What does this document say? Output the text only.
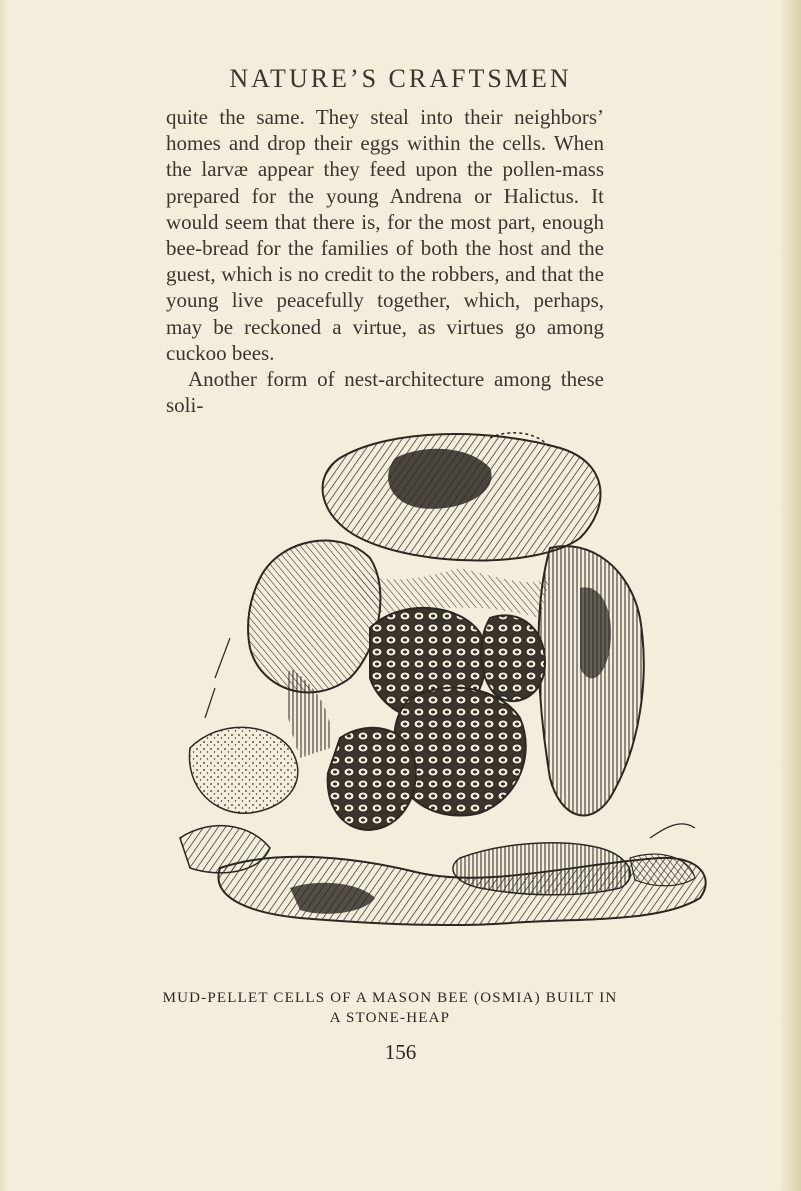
NATURE’S CRAFTSMEN

quite the same. They steal into their neighbors’ homes and drop their eggs within the cells. When the larvæ appear they feed upon the pollen-mass prepared for the young Andrena or Halictus. It would seem that there is, for the most part, enough bee-bread for the families of both the host and the guest, which is no credit to the robbers, and that the young live peacefully together, which, perhaps, may be reckoned a virtue, as virtues go among cuckoo bees.

Another form of nest-architecture among these soli-

MUD-PELLET CELLS OF A MASON BEE (OSMIA) BUILT IN A STONE-HEAP
156
